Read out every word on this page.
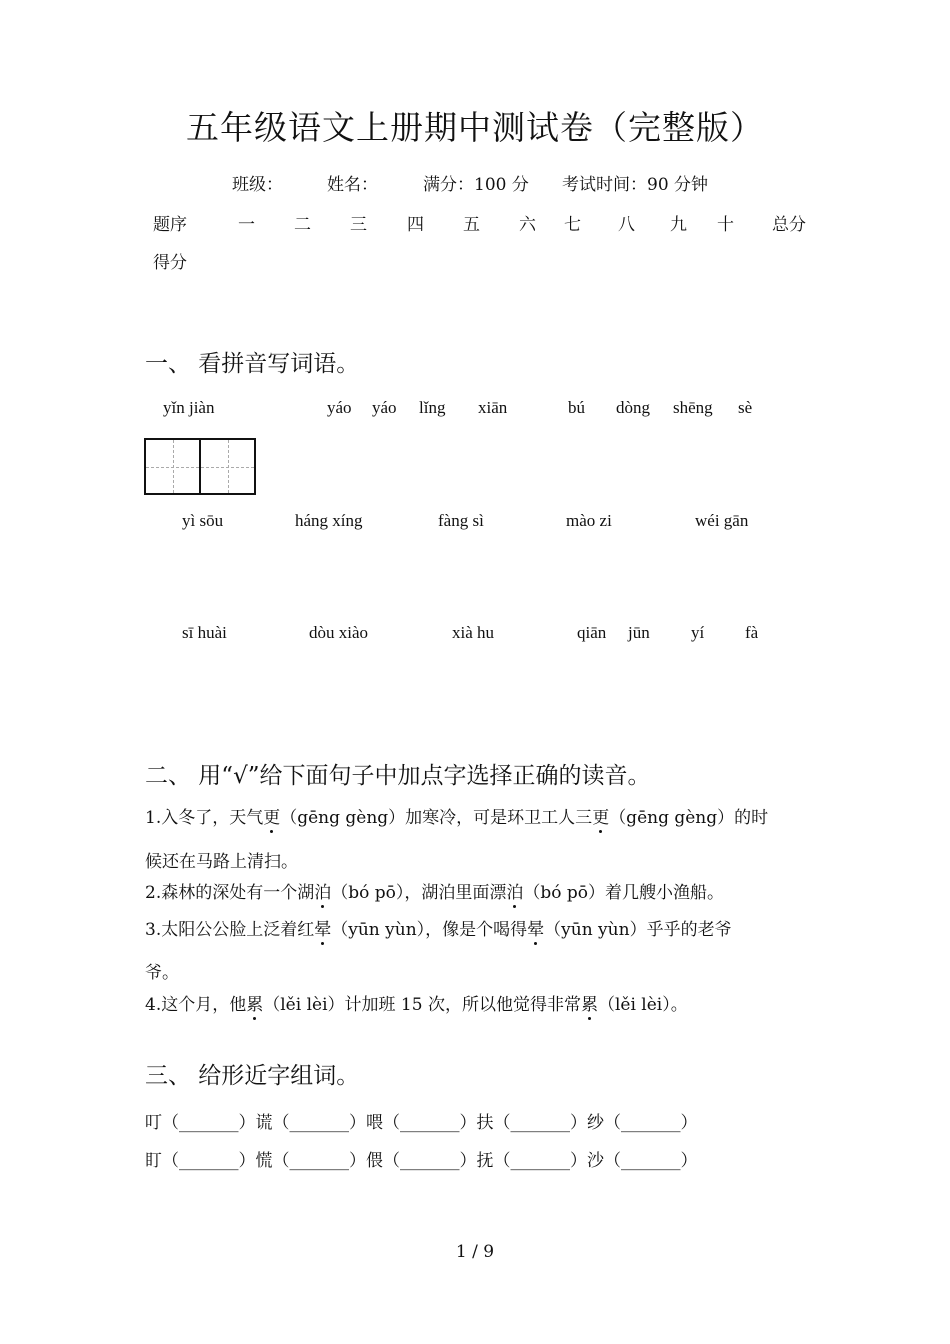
五年级语文上册期中测试卷（完整版）
班级：	姓名：	满分：100 分 考试时间：90 分钟
题序	一 二 三 四 五 六 七 八 九 十 总分
得分
一、 看拼音写词语。
yǐn jiàn	yáo yáo lǐng xiān	bú dòng shēng sè
yì sōu	háng xíng	fàng sì	mào zi	wéi gān
sī huài	dòu xiào	xià hu	qiān jūn yí fà
二、 用“√”给下面句子中加点字选择正确的读音。
1.入冬了，天气更（gēng gèng）加寒冷，可是环卫工人三更（gēng gèng）的时
候还在马路上清扫。
2.森林的深处有一个湖泊（bó pō），湖泊里面漂泊（bó pō）着几艘小渔船。
3.太阳公公脸上泛着红晕（yūn yùn），像是个喝得晕（yūn yùn）乎乎的老爷
爷。
4.这个月，他累（lěi lèi）计加班 15 次，所以他觉得非常累（lěi lèi）。
三、 给形近字组词。
叮（_______）谎（_______）喂（_______）扶（_______）纱（_______）
盯（_______）慌（_______）偎（_______）抚（_______）沙（_______）
1 / 9
